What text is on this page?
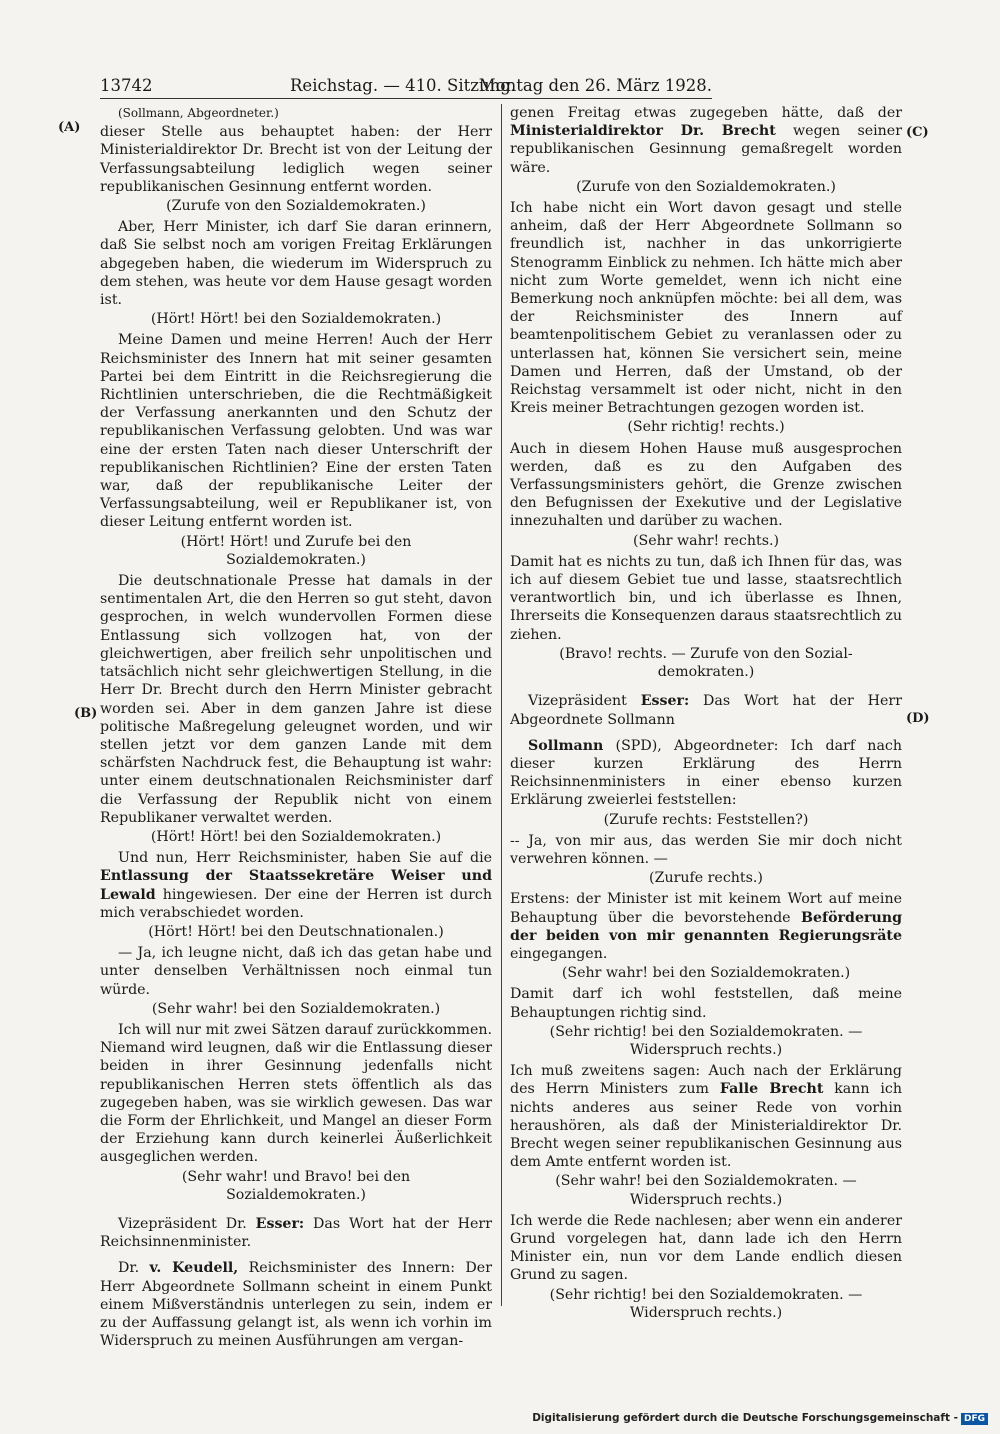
13742	Reichstag. — 410. Sitzung.
Montag den 26. März 1928.
(A)
(B)
(C)
(D)
(Sollmann, Abgeordneter.)

dieser Stelle aus behauptet haben: der Herr Ministerialdirektor Dr. Brecht ist von der Leitung der Verfassungsabteilung lediglich wegen seiner republikanischen Gesinnung entfernt worden.

(Zurufe von den Sozialdemokraten.)

Aber, Herr Minister, ich darf Sie daran erinnern, daß Sie selbst noch am vorigen Freitag Erklärungen abgegeben haben, die wiederum im Widerspruch zu dem stehen, was heute vor dem Hause gesagt worden ist.

(Hört! Hört! bei den Sozialdemokraten.)

Meine Damen und meine Herren! Auch der Herr Reichsminister des Innern hat mit seiner gesamten Partei bei dem Eintritt in die Reichsregierung die Richtlinien unterschrieben, die die Rechtmäßigkeit der Verfassung anerkannten und den Schutz der republikanischen Verfassung gelobten. Und was war eine der ersten Taten nach dieser Unterschrift der republikanischen Richtlinien? Eine der ersten Taten war, daß der republikanische Leiter der Verfassungsabteilung, weil er Republikaner ist, von dieser Leitung entfernt worden ist.

(Hört! Hört! und Zurufe bei den
Sozialdemokraten.)

Die deutschnationale Presse hat damals in der sentimentalen Art, die den Herren so gut steht, davon gesprochen, in welch wundervollen Formen diese Entlassung sich vollzogen hat, von der gleichwertigen, aber freilich sehr unpolitischen und tatsächlich nicht sehr gleichwertigen Stellung, in die Herr Dr. Brecht durch den Herrn Minister gebracht worden sei. Aber in dem ganzen Jahre ist diese politische Maßregelung geleugnet worden, und wir stellen jetzt vor dem ganzen Lande mit dem schärfsten Nachdruck fest, die Behauptung ist wahr: unter einem deutschnationalen Reichsminister darf die Verfassung der Republik nicht von einem Republikaner verwaltet werden.

(Hört! Hört! bei den Sozialdemokraten.)

Und nun, Herr Reichsminister, haben Sie auf die Entlassung der Staatssekretäre Weiser und Lewald hingewiesen. Der eine der Herren ist durch mich verabschiedet worden.

(Hört! Hört! bei den Deutschnationalen.)

— Ja, ich leugne nicht, daß ich das getan habe und unter denselben Verhältnissen noch einmal tun würde.

(Sehr wahr! bei den Sozialdemokraten.)

Ich will nur mit zwei Sätzen darauf zurückkommen. Niemand wird leugnen, daß wir die Entlassung dieser beiden in ihrer Gesinnung jedenfalls nicht republikanischen Herren stets öffentlich als das zugegeben haben, was sie wirklich gewesen. Das war die Form der Ehrlichkeit, und Mangel an dieser Form der Erziehung kann durch keinerlei Äußerlichkeit ausgeglichen werden.

(Sehr wahr! und Bravo! bei den
Sozialdemokraten.)

Vizepräsident Dr. Esser: Das Wort hat der Herr Reichsinnenminister.

Dr. v. Keudell, Reichsminister des Innern: Der Herr Abgeordnete Sollmann scheint in einem Punkt einem Mißverständnis unterlegen zu sein, indem er zu der Auffassung gelangt ist, als wenn ich vorhin im Widerspruch zu meinen Ausführungen am vergan-

genen Freitag etwas zugegeben hätte, daß der Ministerialdirektor Dr. Brecht wegen seiner republikanischen Gesinnung gemaßregelt worden wäre.

(Zurufe von den Sozialdemokraten.)

Ich habe nicht ein Wort davon gesagt und stelle anheim, daß der Herr Abgeordnete Sollmann so freundlich ist, nachher in das unkorrigierte Stenogramm Einblick zu nehmen. Ich hätte mich aber nicht zum Worte gemeldet, wenn ich nicht eine Bemerkung noch anknüpfen möchte: bei all dem, was der Reichsminister des Innern auf beamtenpolitischem Gebiet zu veranlassen oder zu unterlassen hat, können Sie versichert sein, meine Damen und Herren, daß der Umstand, ob der Reichstag versammelt ist oder nicht, nicht in den Kreis meiner Betrachtungen gezogen worden ist.

(Sehr richtig! rechts.)

Auch in diesem Hohen Hause muß ausgesprochen werden, daß es zu den Aufgaben des Verfassungsministers gehört, die Grenze zwischen den Befugnissen der Exekutive und der Legislative innezuhalten und darüber zu wachen.

(Sehr wahr! rechts.)

Damit hat es nichts zu tun, daß ich Ihnen für das, was ich auf diesem Gebiet tue und lasse, staatsrechtlich verantwortlich bin, und ich überlasse es Ihnen, Ihrerseits die Konsequenzen daraus staatsrechtlich zu ziehen.

(Bravo! rechts. — Zurufe von den Sozial-
demokraten.)

Vizepräsident Esser: Das Wort hat der Herr Abgeordnete Sollmann

Sollmann (SPD), Abgeordneter: Ich darf nach dieser kurzen Erklärung des Herrn Reichsinnenministers in einer ebenso kurzen Erklärung zweierlei feststellen:

(Zurufe rechts: Feststellen?)

-- Ja, von mir aus, das werden Sie mir doch nicht verwehren können. —

(Zurufe rechts.)

Erstens: der Minister ist mit keinem Wort auf meine Behauptung über die bevorstehende Beförderung der beiden von mir genannten Regierungsräte eingegangen.

(Sehr wahr! bei den Sozialdemokraten.)

Damit darf ich wohl feststellen, daß meine Behauptungen richtig sind.

(Sehr richtig! bei den Sozialdemokraten. —
Widerspruch rechts.)

Ich muß zweitens sagen: Auch nach der Erklärung des Herrn Ministers zum Falle Brecht kann ich nichts anderes aus seiner Rede von vorhin heraushören, als daß der Ministerialdirektor Dr. Brecht wegen seiner republikanischen Gesinnung aus dem Amte entfernt worden ist.

(Sehr wahr! bei den Sozialdemokraten. —
Widerspruch rechts.)

Ich werde die Rede nachlesen; aber wenn ein anderer Grund vorgelegen hat, dann lade ich den Herrn Minister ein, nun vor dem Lande endlich diesen Grund zu sagen.

(Sehr richtig! bei den Sozialdemokraten. —
Widerspruch rechts.)
Digitalisierung gefördert durch die Deutsche Forschungsgemeinschaft - DFG
